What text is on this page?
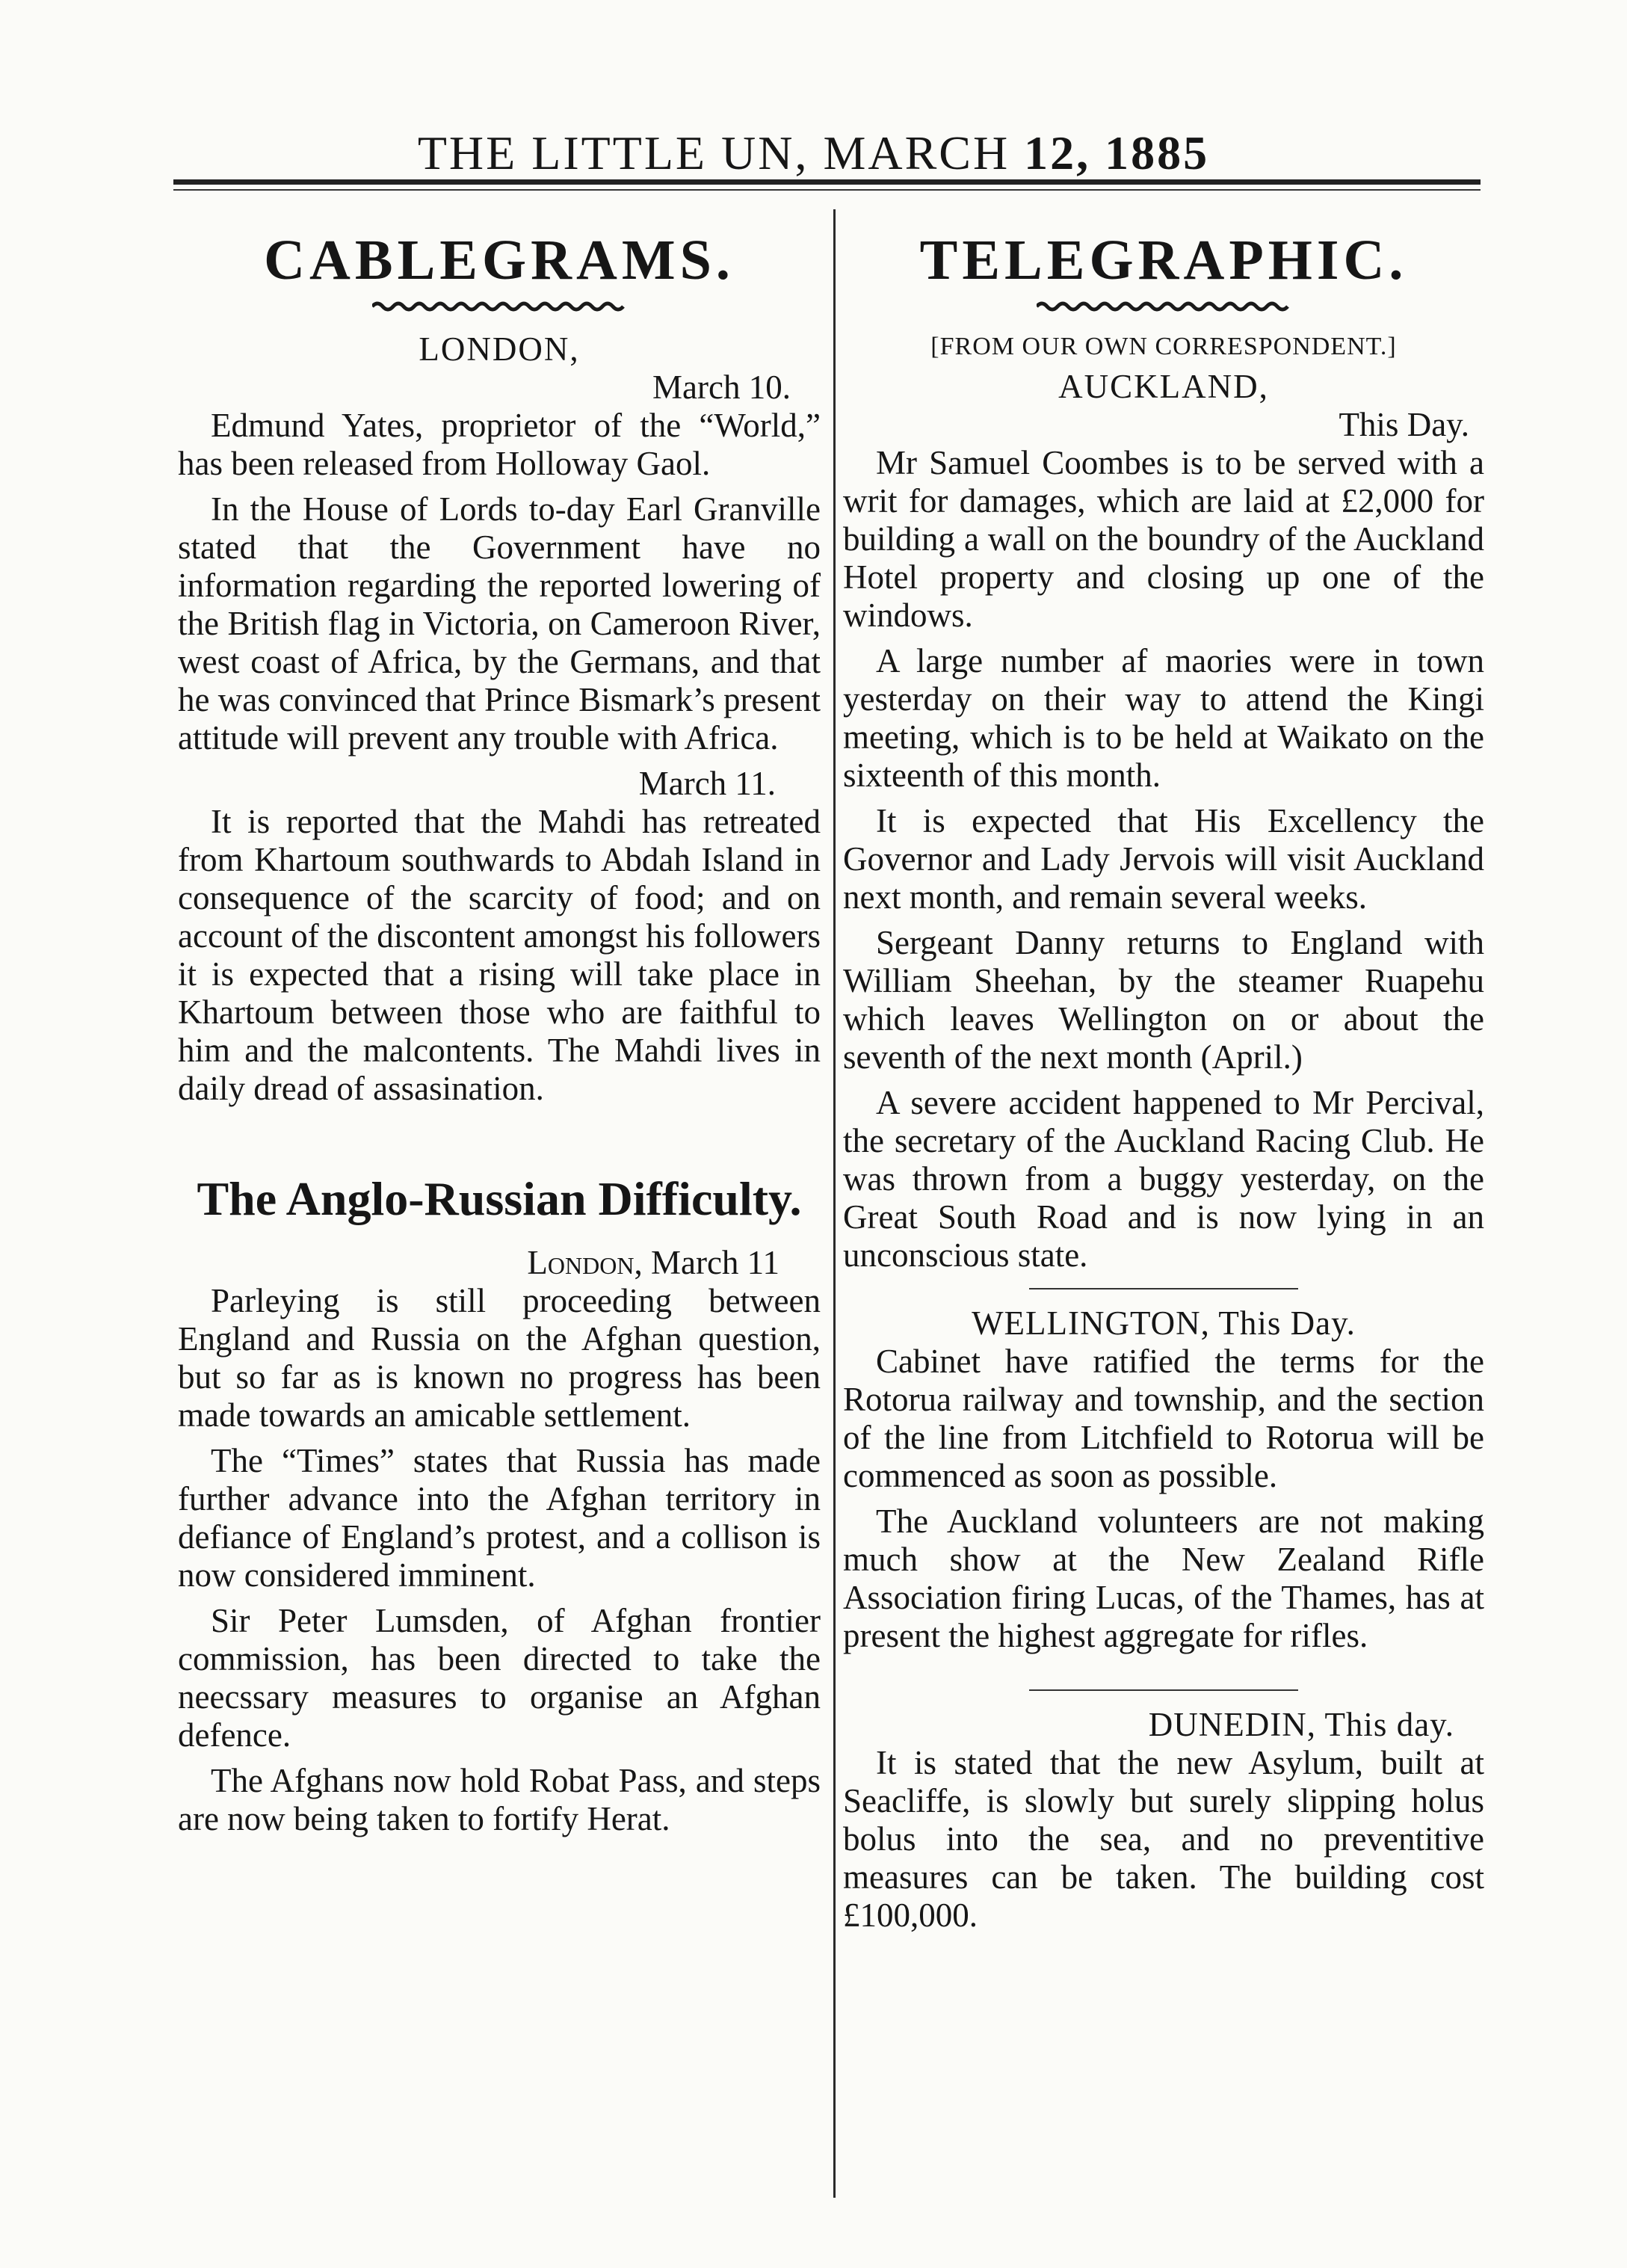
THE LITTLE UN, MARCH 12, 1885
CABLEGRAMS.

LONDON,

March 10.

Edmund Yates, proprietor of the “World,” has been released from Holloway Gaol.

In the House of Lords to-day Earl Granville stated that the Government have no information regarding the reported lowering of the British flag in Victoria, on Cameroon River, west coast of Africa, by the Germans, and that he was convinced that Prince Bismark’s present attitude will prevent any trouble with Africa.

March 11.

It is reported that the Mahdi has retreated from Khartoum southwards to Abdah Island in consequence of the scarcity of food; and on account of the discontent amongst his followers it is expected that a rising will take place in Khartoum between those who are faithful to him and the malcontents. The Mahdi lives in daily dread of assasination.

The Anglo-Russian Difficulty.

London, March 11

Parleying is still proceeding between England and Russia on the Afghan question, but so far as is known no progress has been made towards an amicable settlement.

The “Times” states that Russia has made further advance into the Afghan territory in defiance of England’s protest, and a collison is now considered imminent.

Sir Peter Lumsden, of Afghan frontier commission, has been directed to take the neecssary measures to organise an Afghan defence.

The Afghans now hold Robat Pass, and steps are now being taken to fortify Herat.

TELEGRAPHIC.

[FROM OUR OWN CORRESPONDENT.]

AUCKLAND,

This Day.

Mr Samuel Coombes is to be served with a writ for damages, which are laid at £2,000 for building a wall on the boundry of the Auckland Hotel property and closing up one of the windows.

A large number af maories were in town yesterday on their way to attend the Kingi meeting, which is to be held at Waikato on the sixteenth of this month.

It is expected that His Excellency the Governor and Lady Jervois will visit Auckland next month, and remain several weeks.

Sergeant Danny returns to England with William Sheehan, by the steamer Ruapehu which leaves Wellington on or about the seventh of the next month (April.)

A severe accident happened to Mr Percival, the secretary of the Auckland Racing Club. He was thrown from a buggy yesterday, on the Great South Road and is now lying in an unconscious state.

WELLINGTON, This Day.

Cabinet have ratified the terms for the Rotorua railway and township, and the section of the line from Litchfield to Rotorua will be commenced as soon as possible.

The Auckland volunteers are not making much show at the New Zealand Rifle Association firing Lucas, of the Thames, has at present the highest aggregate for rifles.

DUNEDIN, This day.

It is stated that the new Asylum, built at Seacliffe, is slowly but surely slipping holus bolus into the sea, and no preventitive measures can be taken. The building cost £100,000.
